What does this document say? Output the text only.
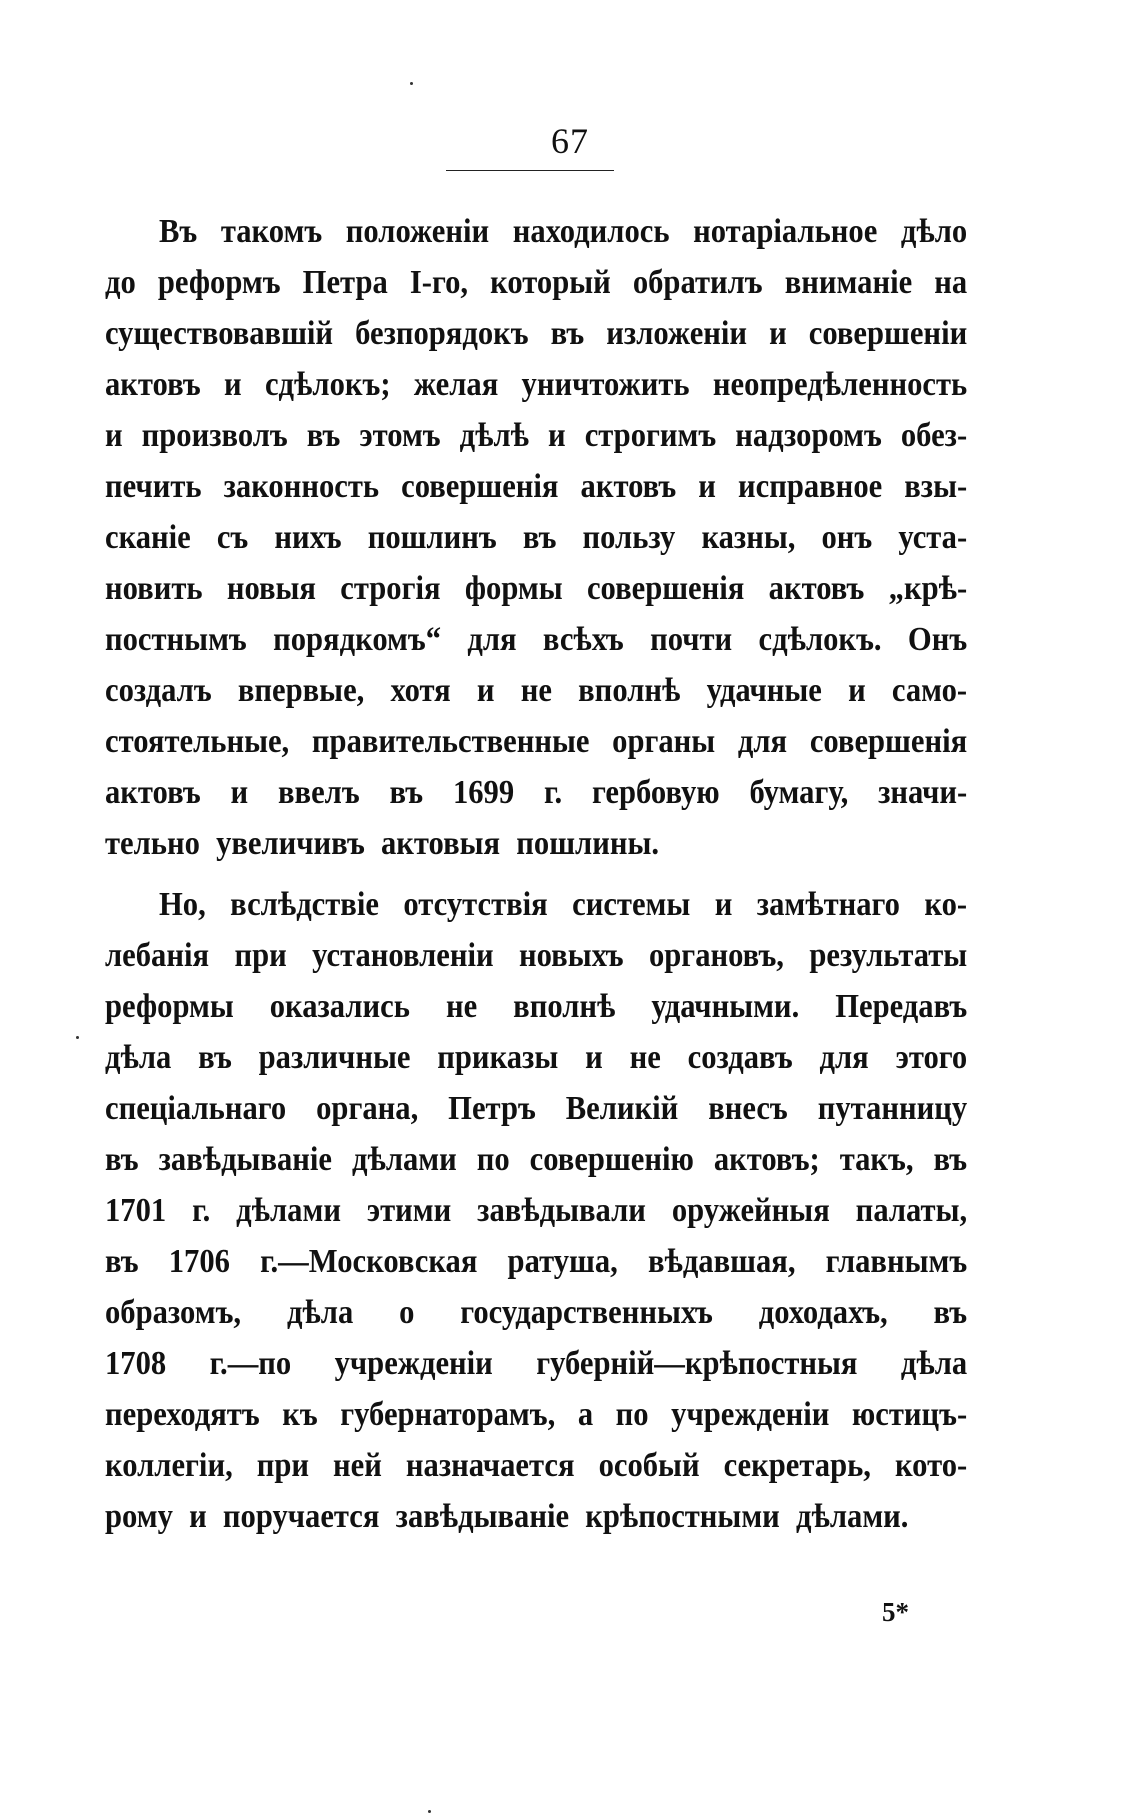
67
Въ такомъ положеніи находилось нотаріальное дѣло
до реформъ Петра І-го, который обратилъ вниманіе на
существовавшій безпорядокъ въ изложеніи и совершеніи
актовъ и сдѣлокъ; желая уничтожить неопредѣленность
и произволъ въ этомъ дѣлѣ и строгимъ надзоромъ обез-
печить законность совершенія актовъ и исправное взы-
сканіе съ нихъ пошлинъ въ пользу казны, онъ уста-
новить новыя строгія формы совершенія актовъ „крѣ-
постнымъ порядкомъ“ для всѣхъ почти сдѣлокъ. Онъ
создалъ впервые, хотя и не вполнѣ удачные и само-
стоятельные, правительственные органы для совершенія
актовъ и ввелъ въ 1699 г. гербовую бумагу, значи-
тельно увеличивъ актовыя пошлины.
Но, вслѣдствіе отсутствія системы и замѣтнаго ко-
лебанія при установленіи новыхъ органовъ, результаты
реформы оказались не вполнѣ удачными. Передавъ
дѣла въ различные приказы и не создавъ для этого
спеціальнаго органа, Петръ Великій внесъ путанницу
въ завѣдываніе дѣлами по совершенію актовъ; такъ, въ
1701 г. дѣлами этими завѣдывали оружейныя палаты,
въ 1706 г.—Московская ратуша, вѣдавшая, главнымъ
образомъ, дѣла о государственныхъ доходахъ, въ
1708 г.—по учрежденіи губерній—крѣпостныя дѣла
переходятъ къ губернаторамъ, а по учрежденіи юстицъ-
коллегіи, при ней назначается особый секретарь, кото-
рому и поручается завѣдываніе крѣпостными дѣлами.
5*
